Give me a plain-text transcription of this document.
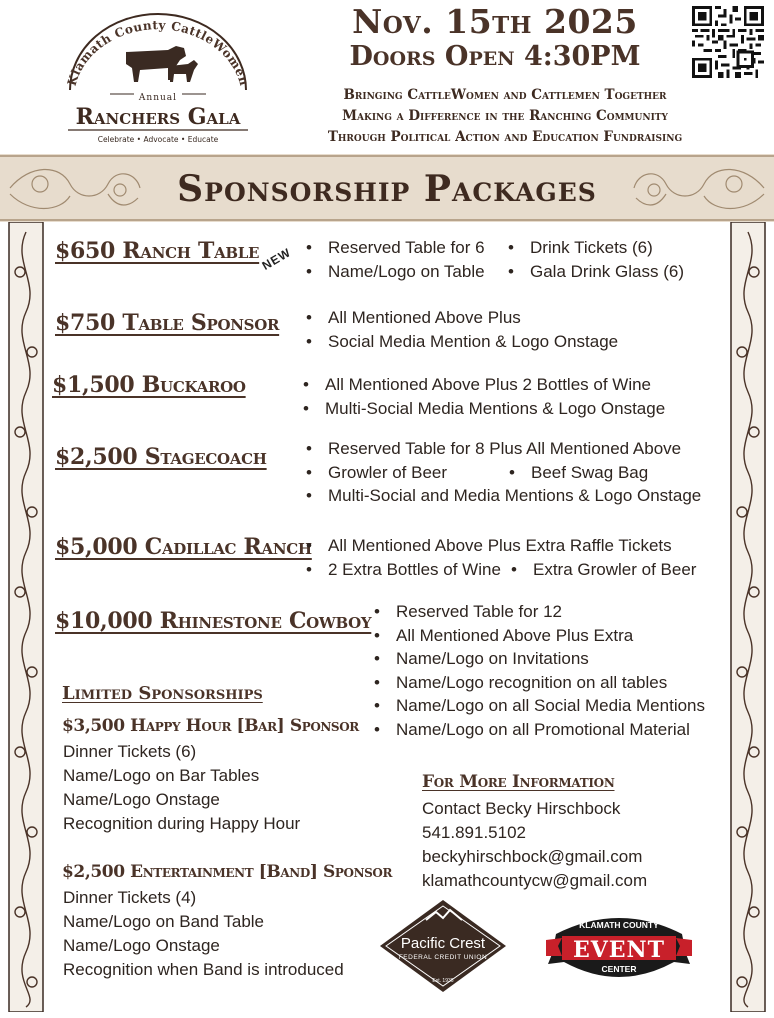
Klamath County CattleWomen
Annual
Ranchers Gala
Celebrate • Advocate • Educate
Nov. 15th 2025
Doors Open 4:30PM
Bringing CattleWomen and Cattlemen Together
Making a Difference in the Ranching Community
Through Political Action and Education Fundraising
Sponsorship Packages
$650 Ranch Table NEW	• Reserved Table for 6
• Name/Logo on Table
• Drink Tickets (6)
• Gala Drink Glass (6)
$750 Table Sponsor	• All Mentioned Above Plus
• Social Media Mention & Logo Onstage
$1,500 Buckaroo	• All Mentioned Above Plus 2 Bottles of Wine
• Multi-Social Media Mentions & Logo Onstage
$2,500 Stagecoach	• Reserved Table for 8 Plus All Mentioned Above
• Growler of Beer
• Multi-Social and Media Mentions & Logo Onstage
• Beef Swag Bag
$5,000 Cadillac Ranch • All Mentioned Above Plus Extra Raffle Tickets
• 2 Extra Bottles of Wine	• Extra Growler of Beer
$10,000 Rhinestone Cowboy	• Reserved Table for 12
• All Mentioned Above Plus Extra
• Name/Logo on Invitations
• Name/Logo recognition on all tables
• Name/Logo on all Social Media Mentions
• Name/Logo on all Promotional Material
Limited Sponsorships
$3,500 Happy Hour [Bar] Sponsor
Dinner Tickets (6)
Name/Logo on Bar Tables
Name/Logo Onstage
Recognition during Happy Hour
$2,500 Entertainment [Band] Sponsor
Dinner Tickets (4)
Name/Logo on Band Table
Name/Logo Onstage
Recognition when Band is introduced
For More Information
Contact Becky Hirschbock
541.891.5102
beckyhirschbock@gmail.com
klamathcountycw@gmail.com
Pacific Crest
FEDERAL CREDIT UNION
Est. 1936
KLAMATH COUNTY
EVENT
CENTER
